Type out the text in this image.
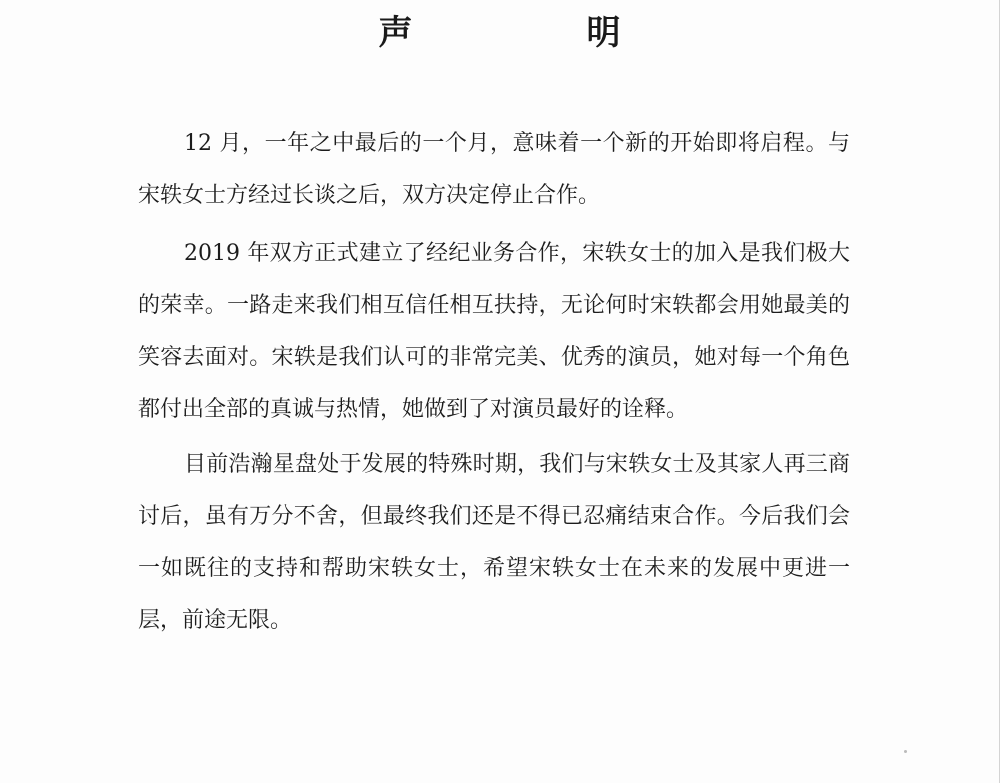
声　明

12 月，一年之中最后的一个月，意味着一个新的开始即将启程。与宋轶女士方经过长谈之后，双方决定停止合作。

2019 年双方正式建立了经纪业务合作，宋轶女士的加入是我们极大的荣幸。一路走来我们相互信任相互扶持，无论何时宋轶都会用她最美的笑容去面对。宋轶是我们认可的非常完美、优秀的演员，她对每一个角色都付出全部的真诚与热情，她做到了对演员最好的诠释。

目前浩瀚星盘处于发展的特殊时期，我们与宋轶女士及其家人再三商讨后，虽有万分不舍，但最终我们还是不得已忍痛结束合作。今后我们会一如既往的支持和帮助宋轶女士，希望宋轶女士在未来的发展中更进一层，前途无限。
